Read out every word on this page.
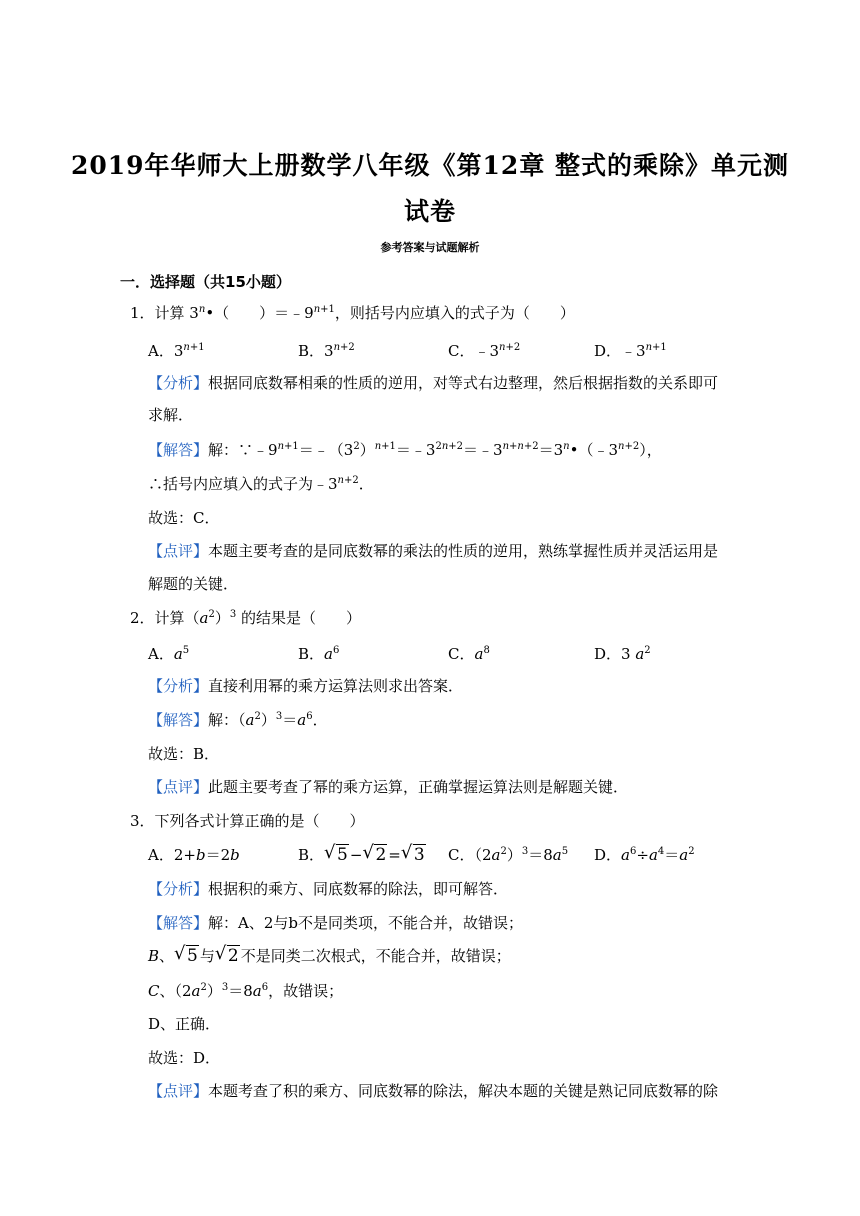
2019年华师大上册数学八年级《第12章 整式的乘除》单元测
试卷
参考答案与试题解析
一．选择题（共15小题）
1．计算 3$^n$•（　　）$=﹣9^{n+1}$，则括号内应填入的式子为（　　）
A．$3^{n+1}$	B．$3^{n+2}$	C．$﹣3^{n+2}$	D．$﹣3^{n+1}$
【分析】根据同底数幂相乘的性质的逆用，对等式右边整理，然后根据指数的关系即可
求解．
【解答】解：$\because﹣9^{n+1}=﹣(3^2)^{n+1}=﹣3^{2n+2}=﹣3^{n+n+2}=3^n•(﹣3^{n+2})$，
∴括号内应填入的式子为$﹣3^{n+2}$．
故选：C．
【点评】本题主要考查的是同底数幂的乘法的性质的逆用，熟练掌握性质并灵活运用是
解题的关键．
2．计算$(a^2)^3$ 的结果是（　　）
A．$a^5$	B．$a^6$	C．$a^8$	D．3 $a^2$
【分析】直接利用幂的乘方运算法则求出答案．
【解答】解：$(a^2)^3=a^6$．
故选：B．
【点评】此题主要考查了幂的乘方运算，正确掌握运算法则是解题关键．
3．下列各式计算正确的是（　　）
A．2+b＝2b	B． √ 5 − √ 2 = √ 3 C．$(2a^2)^3=8a^5$ D．$a^6\div a^4=a^2$
【分析】根据积的乘方、同底数幂的除法，即可解答．
【解答】解：A、2与b不是同类项，不能合并，故错误；
B、 √ 5 与 √ 2 不是同类二次根式，不能合并，故错误；
C、$(2a^2)^3=8a^6$，故错误；
D、正确．
故选：D．
【点评】本题考查了积的乘方、同底数幂的除法，解决本题的关键是熟记同底数幂的除
